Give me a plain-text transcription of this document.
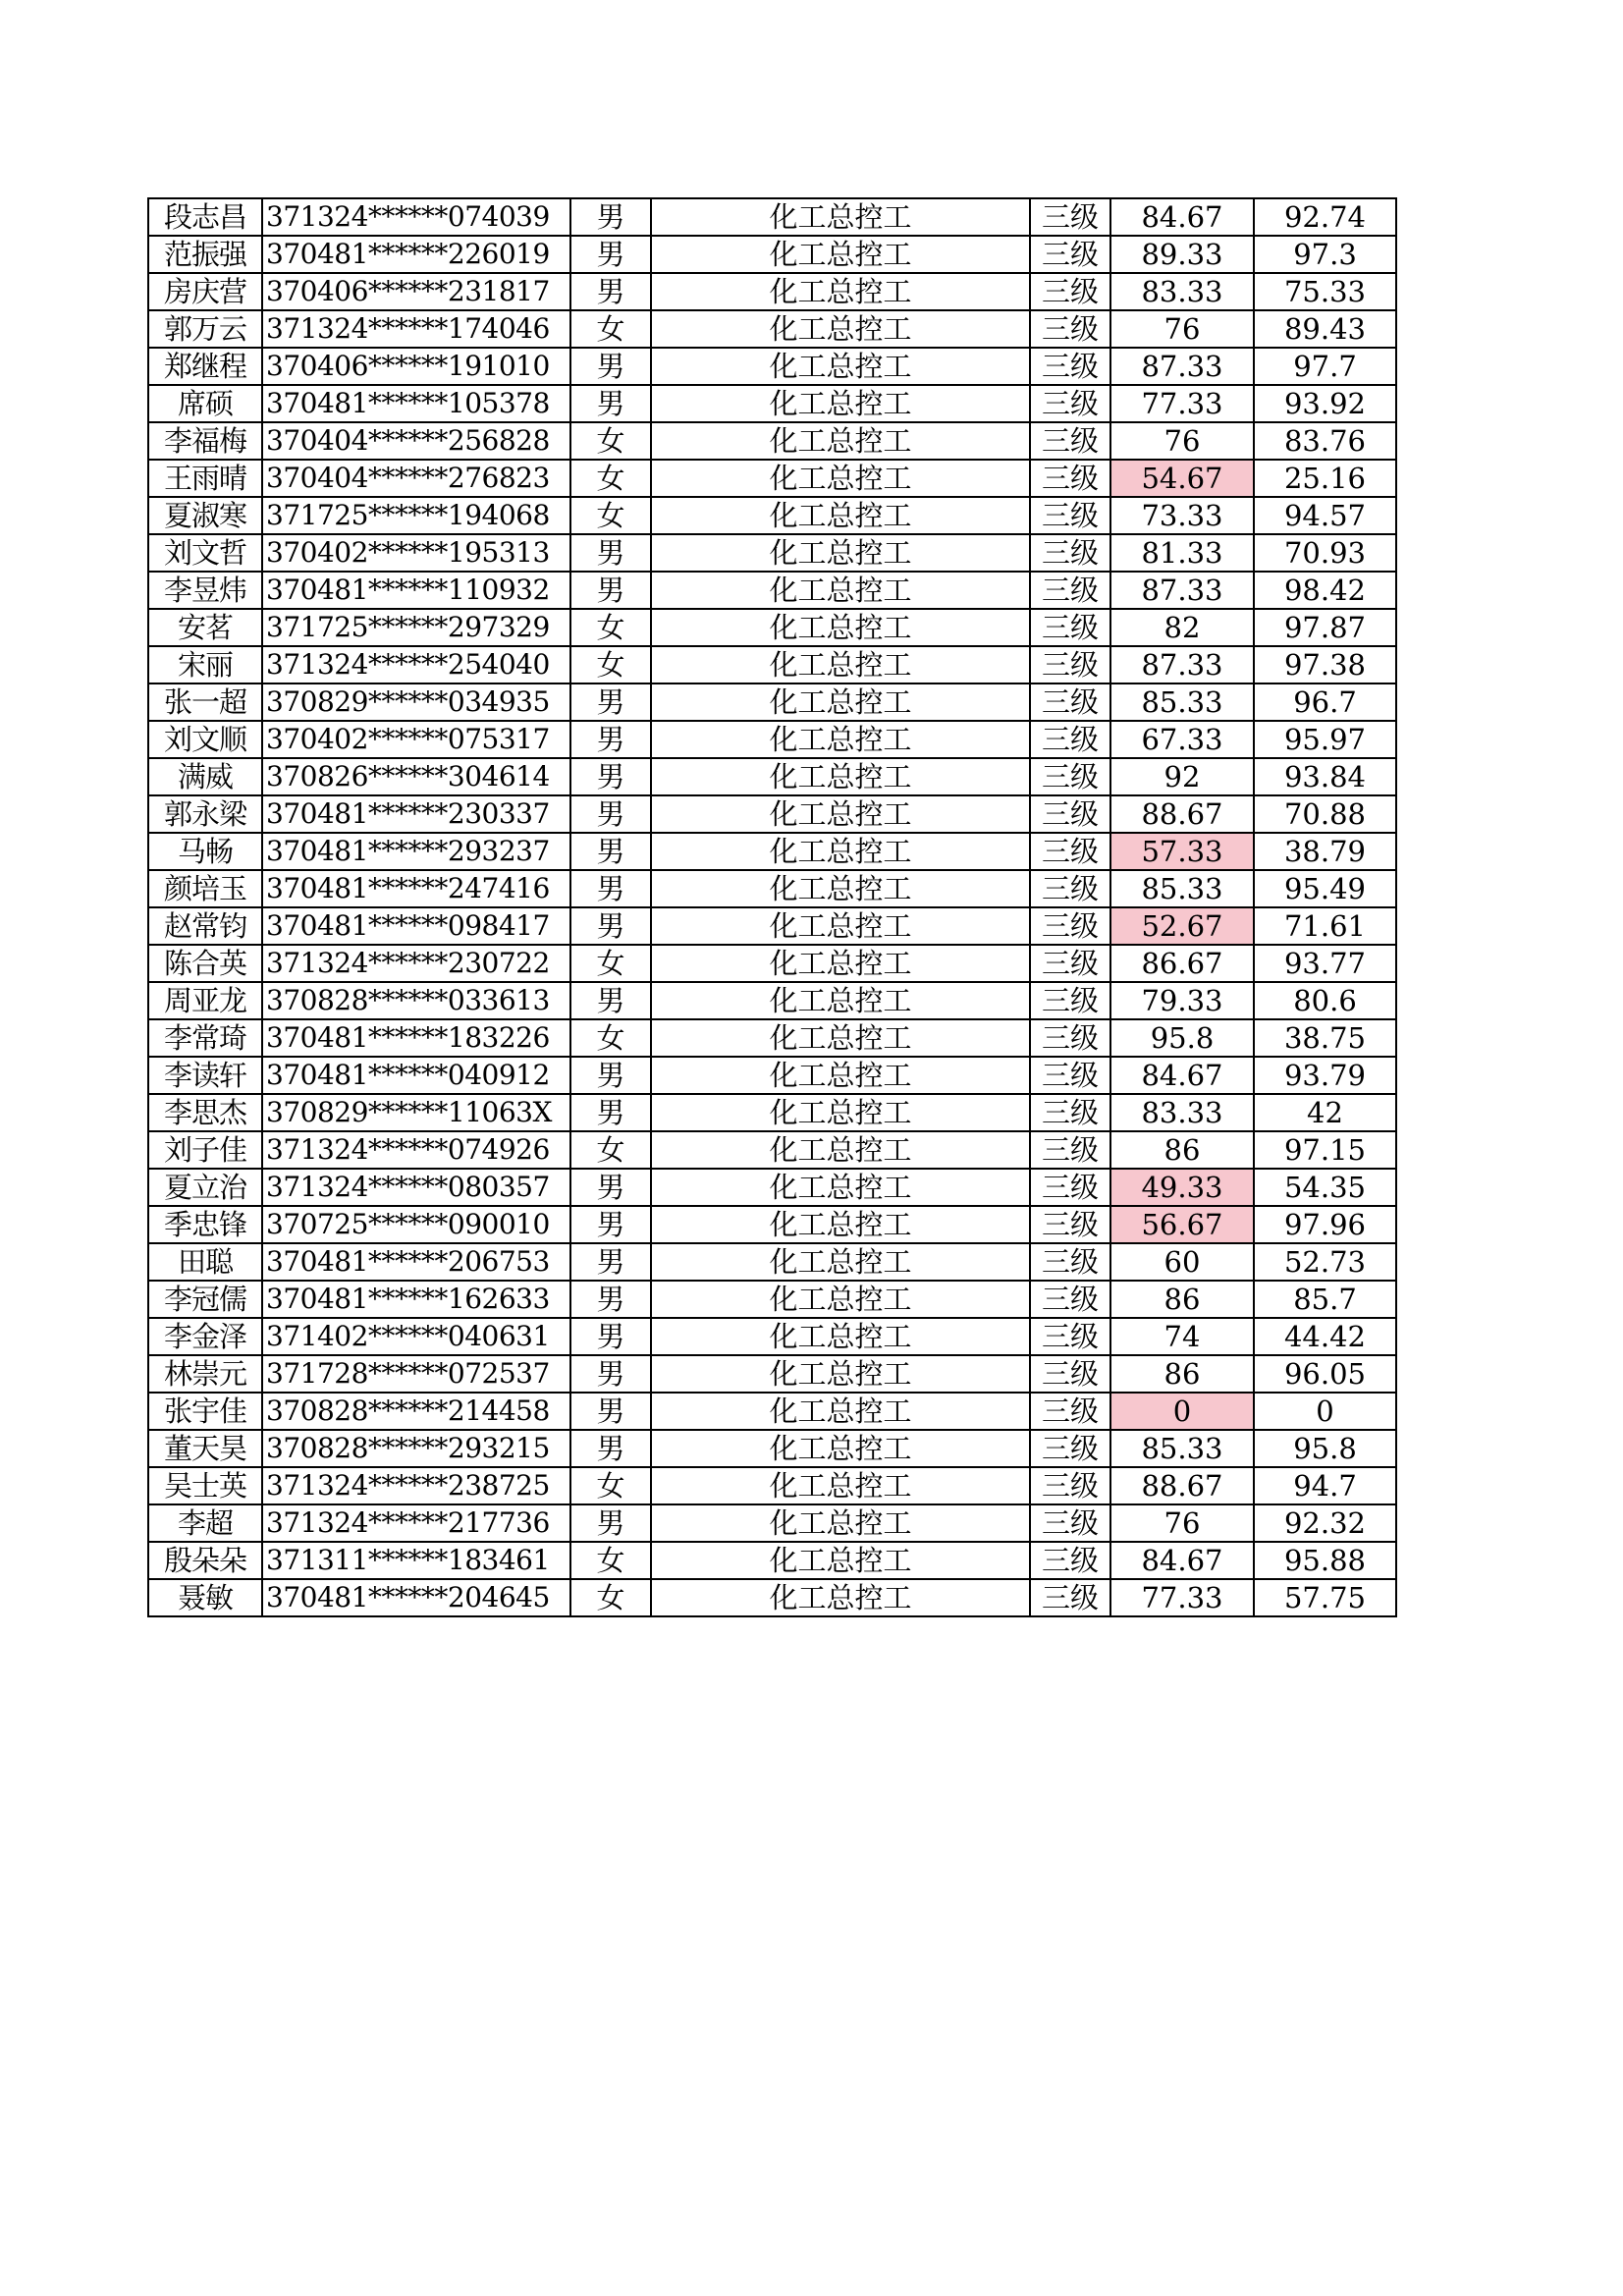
段志昌	371324******074039	男	化工总控工	三级	84.67	92.74
范振强	370481******226019	男	化工总控工	三级	89.33	97.3
房庆营	370406******231817	男	化工总控工	三级	83.33	75.33
郭万云	371324******174046	女	化工总控工	三级	76	89.43
郑继程	370406******191010	男	化工总控工	三级	87.33	97.7
席硕	370481******105378	男	化工总控工	三级	77.33	93.92
李福梅	370404******256828	女	化工总控工	三级	76	83.76
王雨晴	370404******276823	女	化工总控工	三级	54.67	25.16
夏淑寒	371725******194068	女	化工总控工	三级	73.33	94.57
刘文哲	370402******195313	男	化工总控工	三级	81.33	70.93
李昱炜	370481******110932	男	化工总控工	三级	87.33	98.42
安茗	371725******297329	女	化工总控工	三级	82	97.87
宋丽	371324******254040	女	化工总控工	三级	87.33	97.38
张一超	370829******034935	男	化工总控工	三级	85.33	96.7
刘文顺	370402******075317	男	化工总控工	三级	67.33	95.97
满威	370826******304614	男	化工总控工	三级	92	93.84
郭永梁	370481******230337	男	化工总控工	三级	88.67	70.88
马畅	370481******293237	男	化工总控工	三级	57.33	38.79
颜培玉	370481******247416	男	化工总控工	三级	85.33	95.49
赵常钧	370481******098417	男	化工总控工	三级	52.67	71.61
陈合英	371324******230722	女	化工总控工	三级	86.67	93.77
周亚龙	370828******033613	男	化工总控工	三级	79.33	80.6
李常琦	370481******183226	女	化工总控工	三级	95.8	38.75
李读轩	370481******040912	男	化工总控工	三级	84.67	93.79
李思杰	370829******11063X	男	化工总控工	三级	83.33	42
刘子佳	371324******074926	女	化工总控工	三级	86	97.15
夏立治	371324******080357	男	化工总控工	三级	49.33	54.35
季忠锋	370725******090010	男	化工总控工	三级	56.67	97.96
田聪	370481******206753	男	化工总控工	三级	60	52.73
李冠儒	370481******162633	男	化工总控工	三级	86	85.7
李金泽	371402******040631	男	化工总控工	三级	74	44.42
林崇元	371728******072537	男	化工总控工	三级	86	96.05
张宇佳	370828******214458	男	化工总控工	三级	0	0
董天昊	370828******293215	男	化工总控工	三级	85.33	95.8
吴士英	371324******238725	女	化工总控工	三级	88.67	94.7
李超	371324******217736	男	化工总控工	三级	76	92.32
殷朵朵	371311******183461	女	化工总控工	三级	84.67	95.88
聂敏	370481******204645	女	化工总控工	三级	77.33	57.75
